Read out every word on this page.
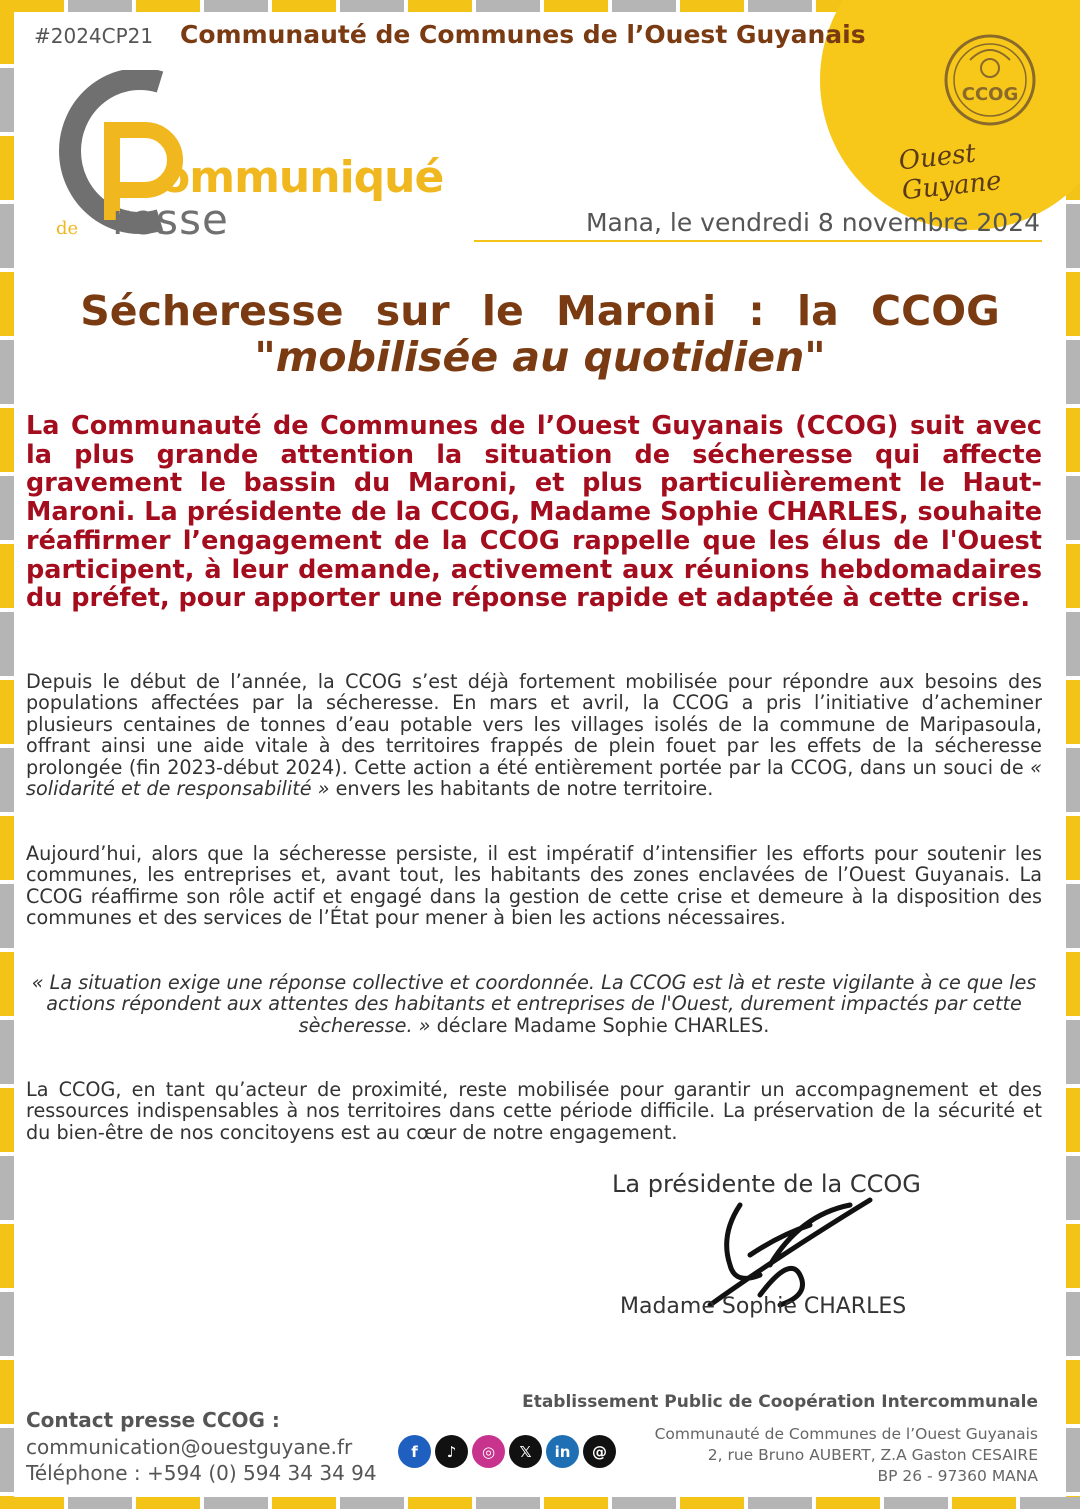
CCOG
Ouest Guyane
#2024CP21 Communauté de Communes de l’Ouest Guyanais
ommuniqué
de resse	Mana, le vendredi 8 novembre 2024
Sécheresse sur le Maroni : la CCOG
"mobilisée au quotidien"
La Communauté de Communes de l’Ouest Guyanais (CCOG) suit avec la plus grande attention la situation de sécheresse qui affecte gravement le bassin du Maroni, et plus particulièrement le Haut-Maroni. La présidente de la CCOG, Madame Sophie CHARLES, souhaite réaffirmer l’engagement de la CCOG rappelle que les élus de l'Ouest participent, à leur demande, activement aux réunions hebdomadaires du préfet, pour apporter une réponse rapide et adaptée à cette crise.
Depuis le début de l’année, la CCOG s’est déjà fortement mobilisée pour répondre aux besoins des populations affectées par la sécheresse. En mars et avril, la CCOG a pris l’initiative d’acheminer plusieurs centaines de tonnes d’eau potable vers les villages isolés de la commune de Maripasoula, offrant ainsi une aide vitale à des territoires frappés de plein fouet par les effets de la sécheresse prolongée (fin 2023-début 2024). Cette action a été entièrement portée par la CCOG, dans un souci de « solidarité et de responsabilité » envers les habitants de notre territoire.
Aujourd’hui, alors que la sécheresse persiste, il est impératif d’intensifier les efforts pour soutenir les communes, les entreprises et, avant tout, les habitants des zones enclavées de l’Ouest Guyanais. La CCOG réaffirme son rôle actif et engagé dans la gestion de cette crise et demeure à la disposition des communes et des services de l’État pour mener à bien les actions nécessaires.
« La situation exige une réponse collective et coordonnée. La CCOG est là et reste vigilante à ce que les actions répondent aux attentes des habitants et entreprises de l'Ouest, durement impactés par cette sècheresse. » déclare Madame Sophie CHARLES.
La CCOG, en tant qu’acteur de proximité, reste mobilisée pour garantir un accompagnement et des ressources indispensables à nos territoires dans cette période difficile. La préservation de la sécurité et du bien-être de nos concitoyens est au cœur de notre engagement.
La présidente de la CCOG
Madame Sophie CHARLES
Etablissement Public de Coopération Intercommunale
Contact presse CCOG :
communication@ouestguyane.fr
Téléphone : +594 (0) 594 34 34 94
f	♪	◎	𝕏	in	@
Communauté de Communes de l’Ouest Guyanais
2, rue Bruno AUBERT, Z.A Gaston CESAIRE
BP 26 - 97360 MANA
